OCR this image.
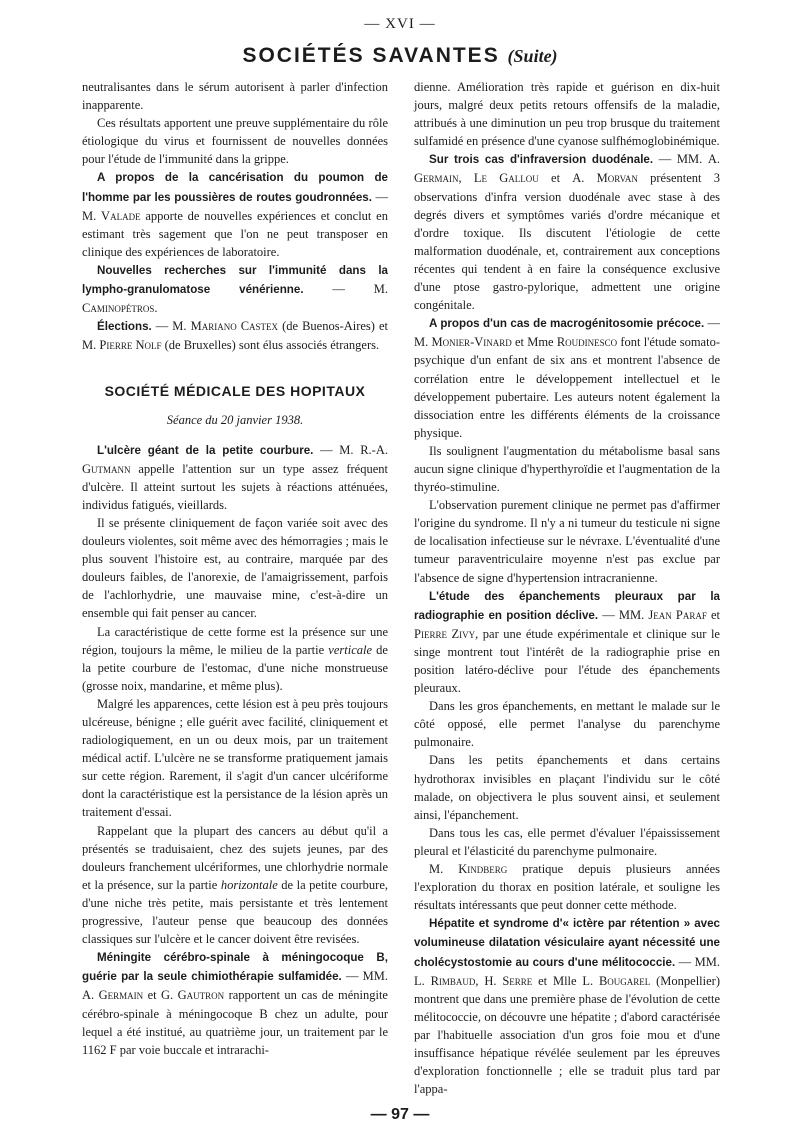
— XVI —
SOCIÉTÉS SAVANTES (Suite)

neutralisantes dans le sérum autorisent à parler d'infection inapparente.

Ces résultats apportent une preuve supplémentaire du rôle étiologique du virus et fournissent de nouvelles données pour l'étude de l'immunité dans la grippe.

A propos de la cancérisation du poumon de l'homme par les poussières de routes goudronnées. — M. Valade apporte de nouvelles expériences et conclut en estimant très sagement que l'on ne peut transposer en clinique des expériences de laboratoire.

Nouvelles recherches sur l'immunité dans la lympho-granulomatose vénérienne. — M. Caminopétros.

Élections. — M. Mariano Castex (de Buenos-Aires) et M. Pierre Nolf (de Bruxelles) sont élus associés étrangers.

SOCIÉTÉ MÉDICALE DES HOPITAUX
Séance du 20 janvier 1938.

L'ulcère géant de la petite courbure. — M. R.-A. Gutmann appelle l'attention sur un type assez fréquent d'ulcère. Il atteint surtout les sujets à réactions atténuées, individus fatigués, vieillards.

Il se présente cliniquement de façon variée soit avec des douleurs violentes, soit même avec des hémorragies ; mais le plus souvent l'histoire est, au contraire, marquée par des douleurs faibles, de l'anorexie, de l'amaigrissement, parfois de l'achlorhydrie, une mauvaise mine, c'est-à-dire un ensemble qui fait penser au cancer.

La caractéristique de cette forme est la présence sur une région, toujours la même, le milieu de la partie verticale de la petite courbure de l'estomac, d'une niche monstrueuse (grosse noix, mandarine, et même plus).

Malgré les apparences, cette lésion est à peu près toujours ulcéreuse, bénigne ; elle guérit avec facilité, cliniquement et radiologiquement, en un ou deux mois, par un traitement médical actif. L'ulcère ne se transforme pratiquement jamais sur cette région. Rarement, il s'agit d'un cancer ulcériforme dont la caractéristique est la persistance de la lésion après un traitement d'essai.

Rappelant que la plupart des cancers au début qu'il a présentés se traduisaient, chez des sujets jeunes, par des douleurs franchement ulcériformes, une chlorhydrie normale et la présence, sur la partie horizontale de la petite courbure, d'une niche très petite, mais persistante et très lentement progressive, l'auteur pense que beaucoup des données classiques sur l'ulcère et le cancer doivent être revisées.

Méningite cérébro-spinale à méningocoque B, guérie par la seule chimiothérapie sulfamidée. — MM. A. Germain et G. Gautron rapportent un cas de méningite cérébro-spinale à méningocoque B chez un adulte, pour lequel a été institué, au quatrième jour, un traitement par le 1162 F par voie buccale et intrarachi-

dienne. Amélioration très rapide et guérison en dix-huit jours, malgré deux petits retours offensifs de la maladie, attribués à une diminution un peu trop brusque du traitement sulfamidé en présence d'une cyanose sulfhémoglobinémique.

Sur trois cas d'infraversion duodénale. — MM. A. Germain, Le Gallou et A. Morvan présentent 3 observations d'infra version duodénale avec stase à des degrés divers et symptômes variés d'ordre mécanique et d'ordre toxique. Ils discutent l'étiologie de cette malformation duodénale, et, contrairement aux conceptions récentes qui tendent à en faire la conséquence exclusive d'une ptose gastro-pylorique, admettent une origine congénitale.

A propos d'un cas de macrogénitosomie précoce. — M. Monier-Vinard et Mme Roudinesco font l'étude somato-psychique d'un enfant de six ans et montrent l'absence de corrélation entre le développement intellectuel et le développement pubertaire. Les auteurs notent également la dissociation entre les différents éléments de la croissance physique.

Ils soulignent l'augmentation du métabolisme basal sans aucun signe clinique d'hyperthyroïdie et l'augmentation de la thyréo-stimuline.

L'observation purement clinique ne permet pas d'affirmer l'origine du syndrome. Il n'y a ni tumeur du testicule ni signe de localisation infectieuse sur le névraxe. L'éventualité d'une tumeur paraventriculaire moyenne n'est pas exclue par l'absence de signe d'hypertension intracranienne.

L'étude des épanchements pleuraux par la radiographie en position déclive. — MM. Jean Paraf et Pierre Zivy, par une étude expérimentale et clinique sur le singe montrent tout l'intérêt de la radiographie prise en position latéro-déclive pour l'étude des épanchements pleuraux.

Dans les gros épanchements, en mettant le malade sur le côté opposé, elle permet l'analyse du parenchyme pulmonaire.

Dans les petits épanchements et dans certains hydrothorax invisibles en plaçant l'individu sur le côté malade, on objectivera le plus souvent ainsi, et seulement ainsi, l'épanchement.

Dans tous les cas, elle permet d'évaluer l'épaississement pleural et l'élasticité du parenchyme pulmonaire.

M. Kindberg pratique depuis plusieurs années l'exploration du thorax en position latérale, et souligne les résultats intéressants que peut donner cette méthode.

Hépatite et syndrome d'« ictère par rétention » avec volumineuse dilatation vésiculaire ayant nécessité une cholécystostomie au cours d'une mélitococcie. — MM. L. Rimbaud, H. Serre et Mlle L. Bougarel (Monpellier) montrent que dans une première phase de l'évolution de cette mélitococcie, on découvre une hépatite ; d'abord caractérisée par l'habituelle association d'un gros foie mou et d'une insuffisance hépatique révélée seulement par les épreuves d'exploration fonctionnelle ; elle se traduit plus tard par l'appa-

— 97 —
